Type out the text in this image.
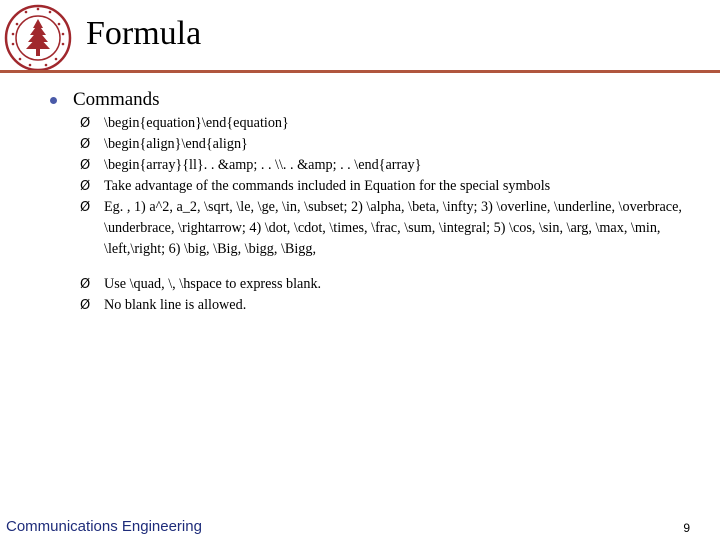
Formula
Commands
Ø \begin{equation}\end{equation}
Ø \begin{align}\end{align}
Ø \begin{array}{ll}. . &amp; . . \\. . &amp; . . \end{array}
Ø Take advantage of the commands included in Equation for the special symbols
Ø Eg. , 1) a^2, a_2, \sqrt, \le, \ge, \in, \subset; 2) \alpha, \beta, \infty; 3) \overline, \underline, \overbrace, \underbrace, \rightarrow; 4) \dot, \cdot, \times, \frac, \sum, \integral; 5) \cos, \sin, \arg, \max, \min, \left,\right; 6) \big, \Big, \bigg, \Bigg,
Ø Use \quad, \, \hspace to express blank.
Ø No blank line is allowed.
Communications Engineering	9
